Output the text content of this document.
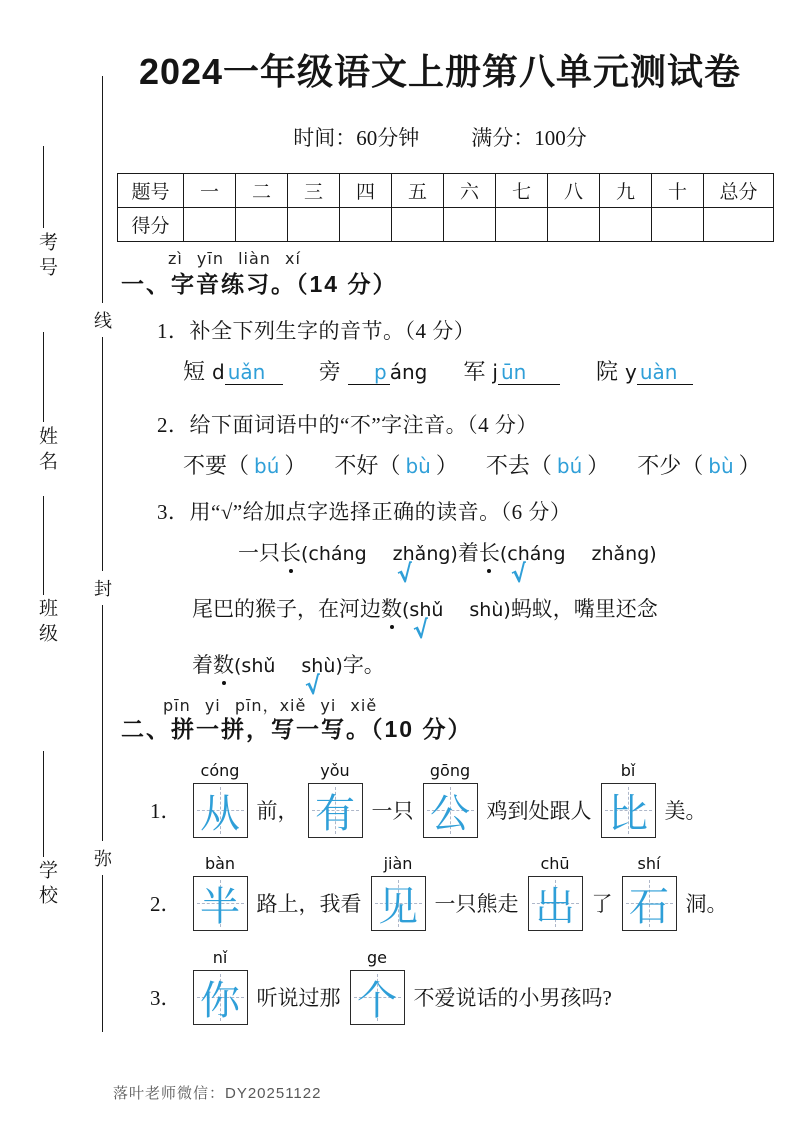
线
封
弥
考号
姓名
班级
学校
2024一年级语文上册第八单元测试卷
时间：60分钟 满分：100分
题号	一	二	三	四	五	六	七	八	九	十	总分
得分											
zì yīn liàn xí
一、字音练习。（14 分）
1．补全下列生字的音节。（4 分）
短 d uǎn 旁 p áng 军 j ūn	院 y uàn
2．给下面词语中的“不”字注音。（4 分）
不要 （ bú ） 不好 （ bù ） 不去 （ bú ） 不少 （ bù ）
3．用“√”给加点字选择正确的读音。（6 分）
一只长(cháng zhǎng
√
)着长(cháng
√
zhǎng)
尾巴的猴子，在河边数(shǔ
√
shù)蚂蚁，嘴里还念
着数(shǔ shù
√
)字。
pīn yi pīn，xiě yi xiě
二、拼一拼，写一写。（10 分）
1．
cóng
从 前，
yǒu
有 一只
gōng
公 鸡到处跟人
bǐ
比 美。
2．
bàn
半 路上，我看
jiàn
见 一只熊走
chū
出 了
shí
石 洞。
3．
nǐ
你 听说过那
ge
个 不爱说话的小男孩吗?
落叶老师微信：DY20251122
